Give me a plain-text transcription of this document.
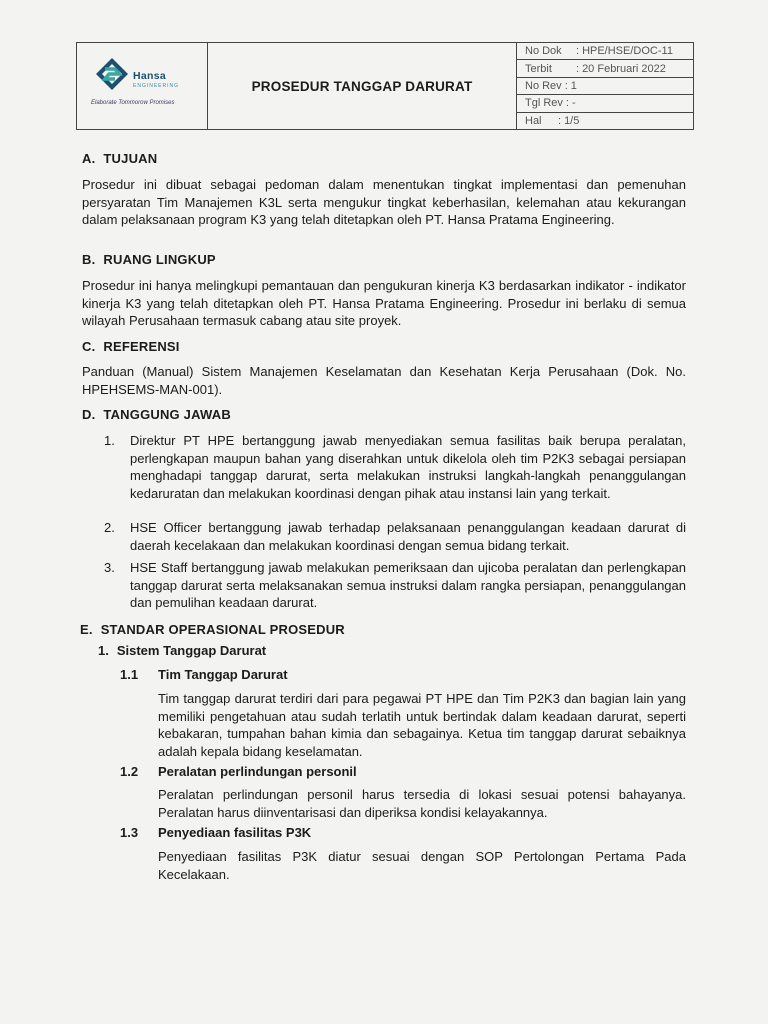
Hansa
ENGINEERING
Elaborate Tommorow Promises
PROSEDUR TANGGAP DARURAT
No Dok	: HPE/HSE/DOC-11
Terbit	: 20 Februari 2022
No Rev : 1
Tgl Rev : -
Hal	: 1/5
A. TUJUAN
Prosedur ini dibuat sebagai pedoman dalam menentukan tingkat implementasi dan pemenuhan persyaratan Tim Manajemen K3L serta mengukur tingkat keberhasilan, kelemahan atau kekurangan dalam pelaksanaan program K3 yang telah ditetapkan oleh PT. Hansa Pratama Engineering.
B. RUANG LINGKUP
Prosedur ini hanya melingkupi pemantauan dan pengukuran kinerja K3 berdasarkan indikator - indikator kinerja K3 yang telah ditetapkan oleh PT. Hansa Pratama Engineering. Prosedur ini berlaku di semua wilayah Perusahaan termasuk cabang atau site proyek.
C. REFERENSI
Panduan (Manual) Sistem Manajemen Keselamatan dan Kesehatan Kerja Perusahaan (Dok. No. HPEHSEMS-MAN-001).
D. TANGGUNG JAWAB
1.	Direktur PT HPE bertanggung jawab menyediakan semua fasilitas baik berupa peralatan, perlengkapan maupun bahan yang diserahkan untuk dikelola oleh tim P2K3 sebagai persiapan menghadapi tanggap darurat, serta melakukan instruksi langkah-langkah penanggulangan kedaruratan dan melakukan koordinasi dengan pihak atau instansi lain yang terkait.
2.	HSE Officer bertanggung jawab terhadap pelaksanaan penanggulangan keadaan darurat di daerah kecelakaan dan melakukan koordinasi dengan semua bidang terkait.
3.	HSE Staff bertanggung jawab melakukan pemeriksaan dan ujicoba peralatan dan perlengkapan tanggap darurat serta melaksanakan semua instruksi dalam rangka persiapan, penanggulangan dan pemulihan keadaan darurat.
E. STANDAR OPERASIONAL PROSEDUR
1. Sistem Tanggap Darurat
1.1	Tim Tanggap Darurat
Tim tanggap darurat terdiri dari para pegawai PT HPE dan Tim P2K3 dan bagian lain yang memiliki pengetahuan atau sudah terlatih untuk bertindak dalam keadaan darurat, seperti kebakaran, tumpahan bahan kimia dan sebagainya. Ketua tim tanggap darurat sebaiknya adalah kepala bidang keselamatan.
1.2	Peralatan perlindungan personil
Peralatan perlindungan personil harus tersedia di lokasi sesuai potensi bahayanya. Peralatan harus diinventarisasi dan diperiksa kondisi kelayakannya.
1.3	Penyediaan fasilitas P3K
Penyediaan fasilitas P3K diatur sesuai dengan SOP Pertolongan Pertama Pada Kecelakaan.
